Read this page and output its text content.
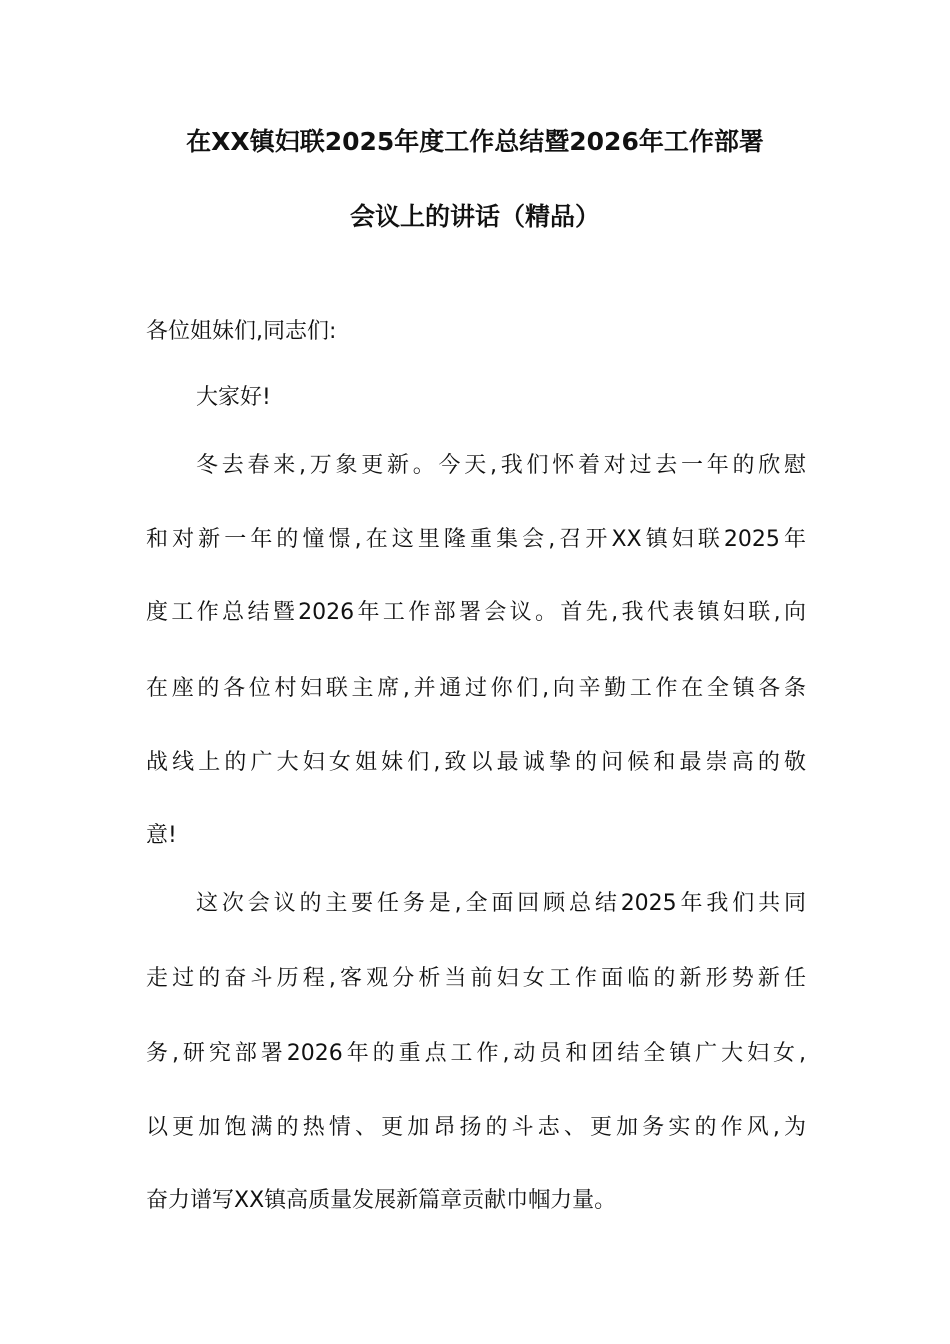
在XX镇妇联2025年度工作总结暨2026年工作部署
会议上的讲话（精品）
各位姐妹们,同志们:
大家好!
冬去春来,万象更新。今天,我们怀着对过去一年的欣慰
和对新一年的憧憬,在这里隆重集会,召开XX镇妇联2025年
度工作总结暨2026年工作部署会议。首先,我代表镇妇联,向
在座的各位村妇联主席,并通过你们,向辛勤工作在全镇各条
战线上的广大妇女姐妹们,致以最诚挚的问候和最崇高的敬
意!
这次会议的主要任务是,全面回顾总结2025年我们共同
走过的奋斗历程,客观分析当前妇女工作面临的新形势新任
务,研究部署2026年的重点工作,动员和团结全镇广大妇女,
以更加饱满的热情、更加昂扬的斗志、更加务实的作风,为
奋力谱写XX镇高质量发展新篇章贡献巾帼力量。
